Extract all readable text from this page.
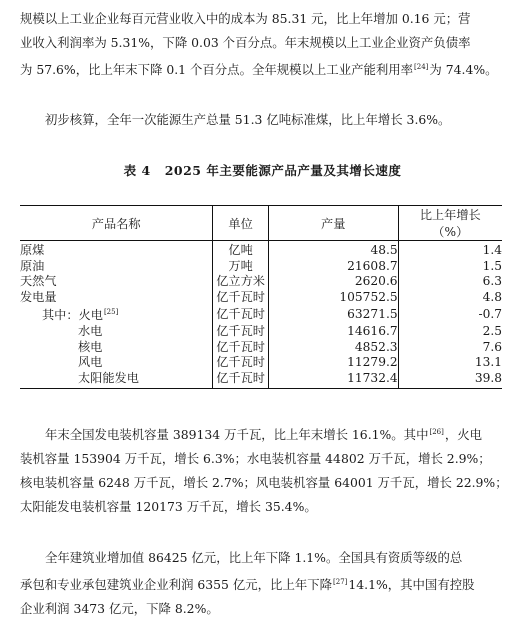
规模以上工业企业每百元营业收入中的成本为 85.31 元，比上年增加 0.16 元；营
业收入利润率为 5.31%，下降 0.03 个百分点。年末规模以上工业企业资产负债率
为 57.6%，比上年末下降 0.1 个百分点。全年规模以上工业产能利用率[24]为 74.4%。
初步核算，全年一次能源生产总量 51.3 亿吨标准煤，比上年增长 3.6%。
表 4 2025 年主要能源产品产量及其增长速度
产品名称	单位	产量	比上年增长
（%）

原煤	亿吨	48.5	1.4
原油	万吨	21608.7	1.5
天然气	亿立方米	2620.6	6.3
发电量	亿千瓦时	105752.5	4.8
其中：火电[25]	亿千瓦时	63271.5	-0.7
水电	亿千瓦时	14616.7	2.5
核电	亿千瓦时	4852.3	7.6
风电	亿千瓦时	11279.2	13.1
太阳能发电	亿千瓦时	11732.4	39.8
年末全国发电装机容量 389134 万千瓦，比上年末增长 16.1%。其中[26]，火电
装机容量 153904 万千瓦，增长 6.3%；水电装机容量 44802 万千瓦，增长 2.9%；
核电装机容量 6248 万千瓦，增长 2.7%；风电装机容量 64001 万千瓦，增长 22.9%；
太阳能发电装机容量 120173 万千瓦，增长 35.4%。
全年建筑业增加值 86425 亿元，比上年下降 1.1%。全国具有资质等级的总
承包和专业承包建筑业企业利润 6355 亿元，比上年下降[27]14.1%，其中国有控股
企业利润 3473 亿元，下降 8.2%。
